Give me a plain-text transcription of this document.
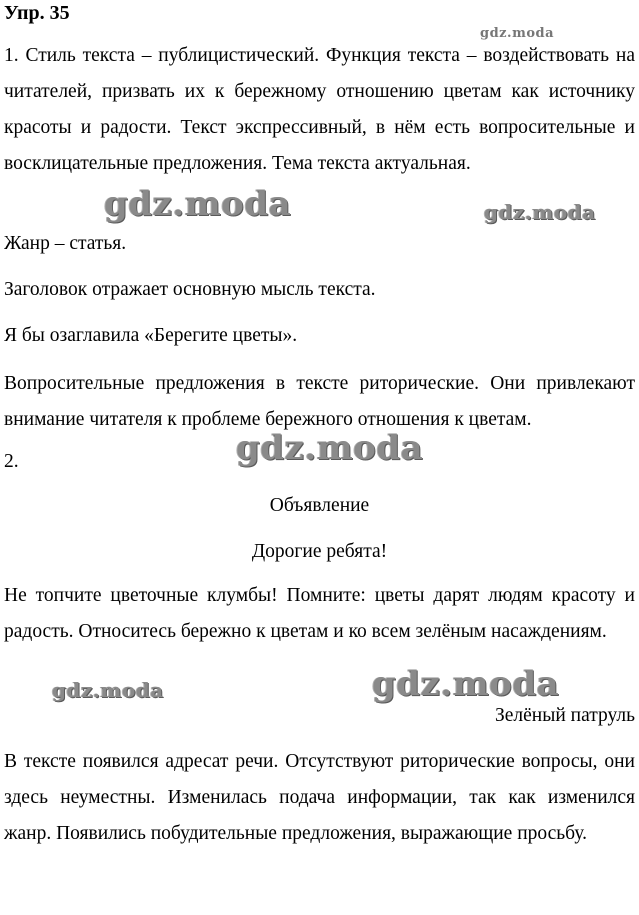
Упр. 35

1. Стиль текста – публицистический. Функция текста – воздействовать на читателей, призвать их к бережному отношению цветам как источнику красоты и радости. Текст экспрессивный, в нём есть вопросительные и восклицательные предложения. Тема текста актуальная.

Жанр – статья.

Заголовок отражает основную мысль текста.

Я бы озаглавила «Берегите цветы».

Вопросительные предложения в тексте риторические. Они привлекают внимание читателя к проблеме бережного отношения к цветам.

2.

Объявление

Дорогие ребята!

Не топчите цветочные клумбы! Помните: цветы дарят людям красоту и радость. Относитесь бережно к цветам и ко всем зелёным насаждениям.

Зелёный патруль

В тексте появился адресат речи. Отсутствуют риторические вопросы, они здесь неуместны. Изменилась подача информации, так как изменился жанр. Появились побудительные предложения, выражающие просьбу.

gdz.moda
gdz.moda	gdz.moda
gdz.moda
gdz.moda	gdz.moda
